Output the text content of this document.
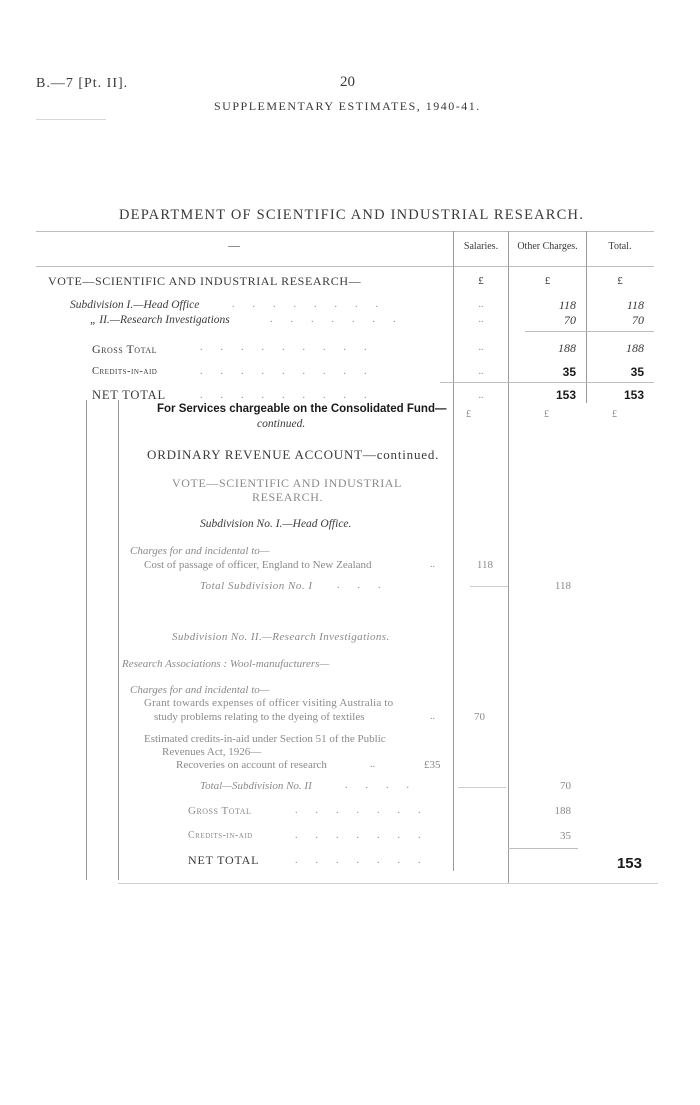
B.—7 [Pt. II].	20
SUPPLEMENTARY ESTIMATES, 1940-41.
DEPARTMENT OF SCIENTIFIC AND INDUSTRIAL RESEARCH.
—	Salaries.	Other Charges.	Total.
VOTE—SCIENTIFIC AND INDUSTRIAL RESEARCH—	£	£	£
Subdivision I.—Head Office	........	..	118	118
„ II.—Research Investigations	.......	..	70	70
Gross Total	.........	..	188	188
Credits-in-aid	.........	..	35	35
NET TOTAL	.........	..	153	153
For Services chargeable on the Consolidated Fund—
continued.
£	£	£
ORDINARY REVENUE ACCOUNT—continued.
VOTE—SCIENTIFIC AND INDUSTRIAL
RESEARCH.
Subdivision No. I.—Head Office.
Charges for and incidental to—
Cost of passage of officer, England to New Zealand	..	118
Total Subdivision No. I ...	118
Subdivision No. II.—Research Investigations.
Research Associations : Wool-manufacturers—
Charges for and incidental to—
Grant towards expenses of officer visiting Australia to
study problems relating to the dyeing of textiles	..	70
Estimated credits-in-aid under Section 51 of the Public
Revenues Act, 1926—
Recoveries on account of research	..	£35
Total—Subdivision No. II	....	70
Gross Total	.......	188
Credits-in-aid	.......	35
NET TOTAL	.......	153
